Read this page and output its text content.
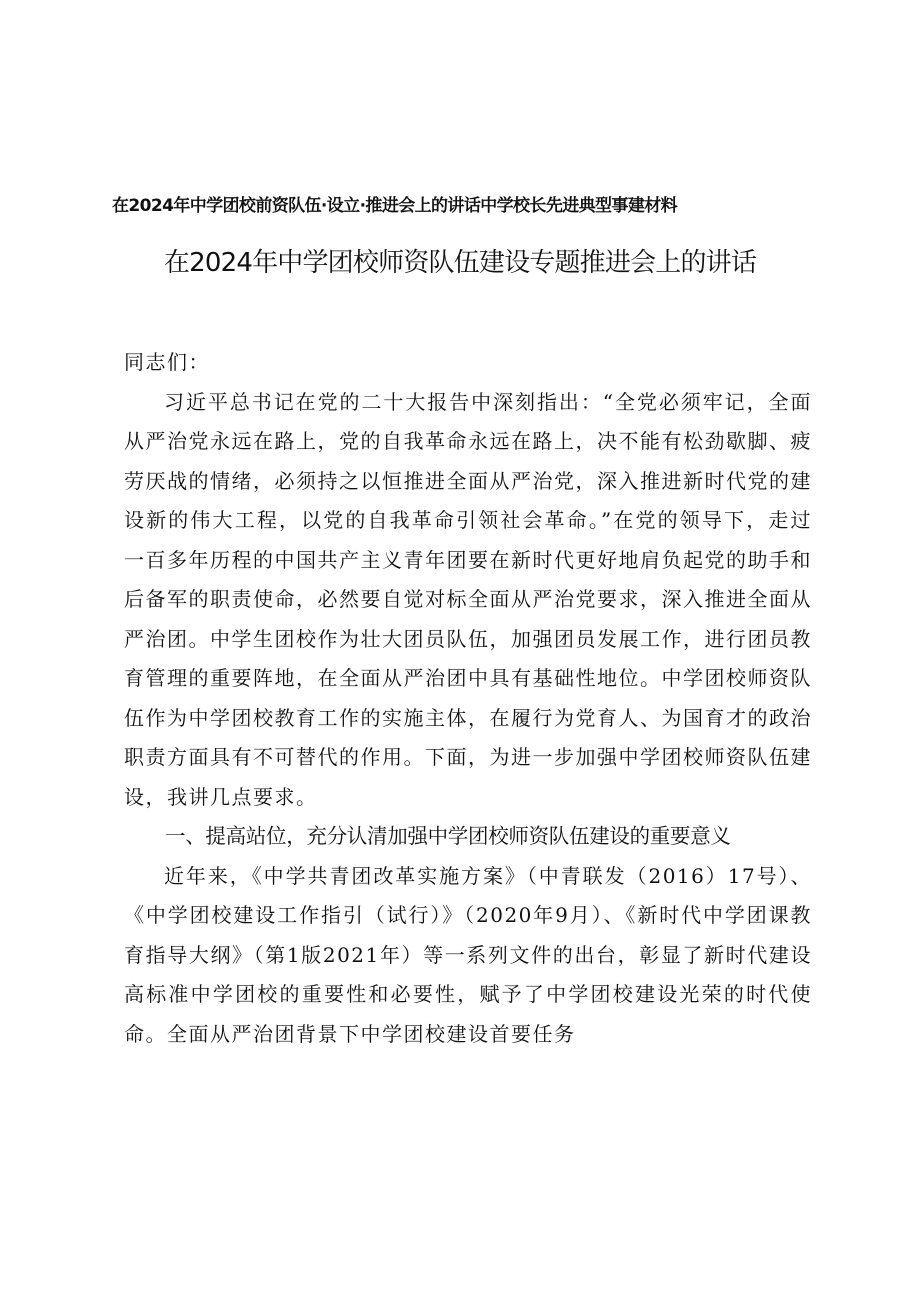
在2024年中学团校前资队伍·设立·推进会上的讲话中学校长先进典型事建材料
在2024年中学团校师资队伍建设专题推进会上的讲话

同志们：

习近平总书记在党的二十大报告中深刻指出：“全党必须牢记，全面从严治党永远在路上，党的自我革命永远在路上，决不能有松劲歇脚、疲劳厌战的情绪，必须持之以恒推进全面从严治党，深入推进新时代党的建设新的伟大工程，以党的自我革命引领社会革命。”在党的领导下，走过一百多年历程的中国共产主义青年团要在新时代更好地肩负起党的助手和后备军的职责使命，必然要自觉对标全面从严治党要求，深入推进全面从严治团。中学生团校作为壮大团员队伍，加强团员发展工作，进行团员教育管理的重要阵地，在全面从严治团中具有基础性地位。中学团校师资队伍作为中学团校教育工作的实施主体，在履行为党育人、为国育才的政治职责方面具有不可替代的作用。下面，为进一步加强中学团校师资队伍建设，我讲几点要求。

一、提高站位，充分认清加强中学团校师资队伍建设的重要意义

近年来，《中学共青团改革实施方案》（中青联发（2016）17号）、《中学团校建设工作指引（试行）》（2020年9月）、《新时代中学团课教育指导大纲》（第1版2021年）等一系列文件的出台，彰显了新时代建设高标准中学团校的重要性和必要性，赋予了中学团校建设光荣的时代使命。全面从严治团背景下中学团校建设首要任务
